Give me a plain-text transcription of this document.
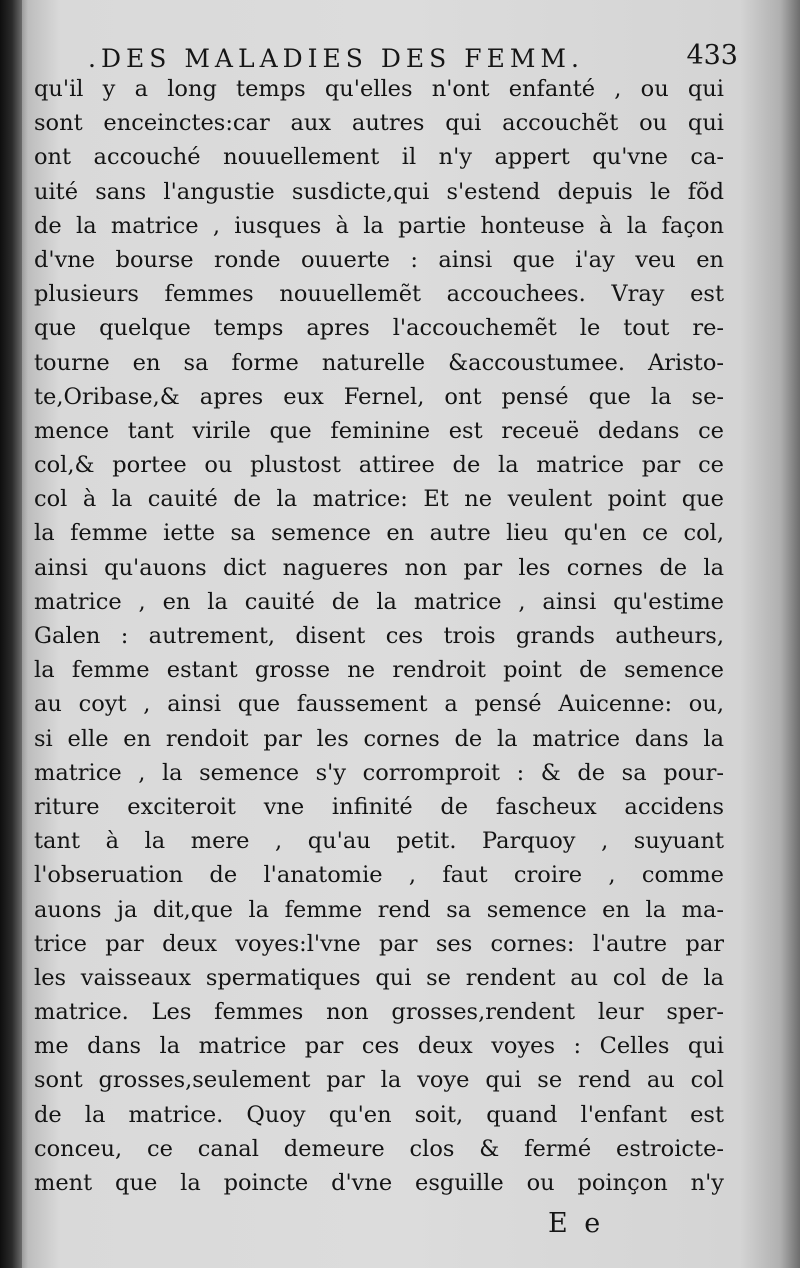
.DES MALADIES DES FEMM.	433
qu'il y a long temps qu'elles n'ont enfanté , ou qui
sont enceinctes:car aux autres qui accouchẽt ou qui
ont accouché nouuellement il n'y appert qu'vne ca-
uité sans l'angustie susdicte,qui s'estend depuis le fõd
de la matrice , iusques à la partie honteuse à la façon
d'vne bourse ronde ouuerte : ainsi que i'ay veu en
plusieurs femmes nouuellemẽt accouchees. Vray est
que quelque temps apres l'accouchemẽt le tout re-
tourne en sa forme naturelle &accoustumee. Aristo-
te,Oribase,& apres eux Fernel, ont pensé que la se-
mence tant virile que feminine est receuë dedans ce
col,& portee ou plustost attiree de la matrice par ce
col à la cauité de la matrice: Et ne veulent point que
la femme iette sa semence en autre lieu qu'en ce col,
ainsi qu'auons dict nagueres non par les cornes de la
matrice , en la cauité de la matrice , ainsi qu'estime
Galen : autrement, disent ces trois grands autheurs,
la femme estant grosse ne rendroit point de semence
au coyt , ainsi que faussement a pensé Auicenne: ou,
si elle en rendoit par les cornes de la matrice dans la
matrice , la semence s'y corromproit : & de sa pour-
riture exciteroit vne infinité de fascheux accidens
tant à la mere , qu'au petit. Parquoy , suyuant
l'obseruation de l'anatomie , faut croire , comme
auons ja dit,que la femme rend sa semence en la ma-
trice par deux voyes:l'vne par ses cornes: l'autre par
les vaisseaux spermatiques qui se rendent au col de la
matrice. Les femmes non grosses,rendent leur sper-
me dans la matrice par ces deux voyes : Celles qui
sont grosses,seulement par la voye qui se rend au col
de la matrice. Quoy qu'en soit, quand l'enfant est
conceu, ce canal demeure clos & fermé estroicte-
ment que la poincte d'vne esguille ou poinçon n'y
E e
